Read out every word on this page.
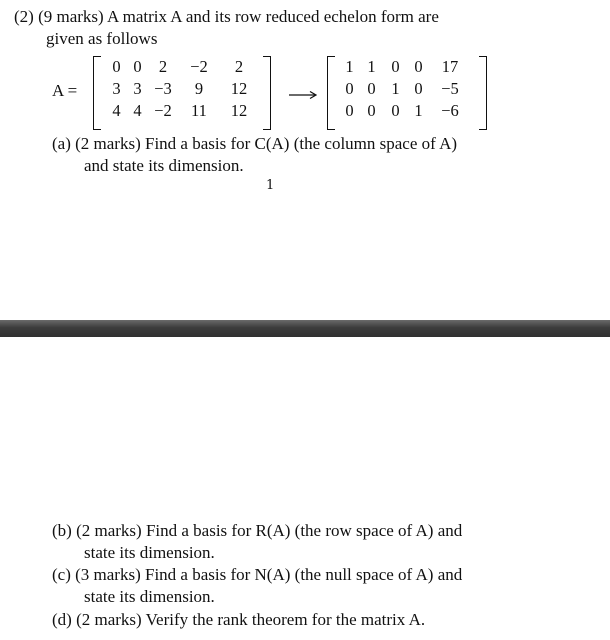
(2) (9 marks) A matrix A and its row reduced echelon form are
given as follows
A =
0	0	2	−2	2
3	3	−3	9	12
4	4	−2	11	12
1	1	0	0	17
0	0	1	0	−5
0	0	0	1	−6
(a) (2 marks) Find a basis for C(A) (the column space of A)
and state its dimension.
1
(b) (2 marks) Find a basis for R(A) (the row space of A) and
state its dimension.
(c) (3 marks) Find a basis for N(A) (the null space of A) and
state its dimension.
(d) (2 marks) Verify the rank theorem for the matrix A.
